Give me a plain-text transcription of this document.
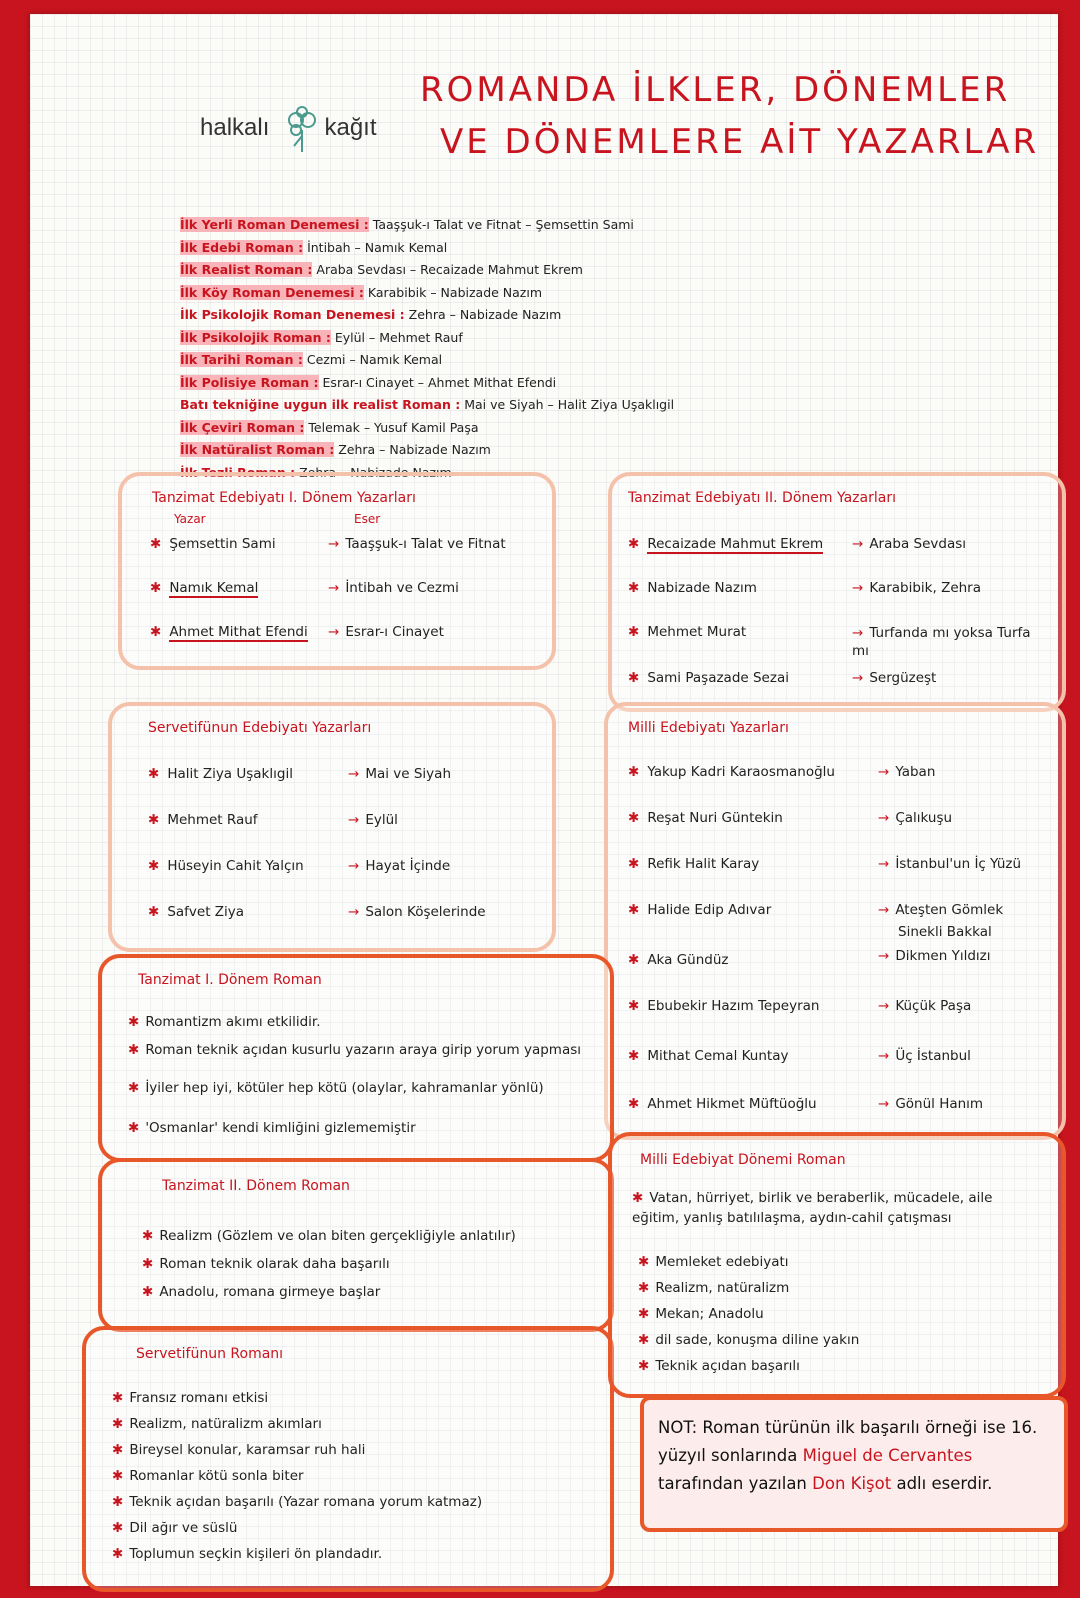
ROMANDA İLKLER, DÖNEMLER
VE DÖNEMLERE AİT YAZARLAR
halkalı kağıt
İlk Yerli Roman Denemesi : Taaşşuk-ı Talat ve Fitnat – Şemsettin Sami
İlk Edebi Roman : İntibah – Namık Kemal
İlk Realist Roman : Araba Sevdası – Recaizade Mahmut Ekrem
İlk Köy Roman Denemesi : Karabibik – Nabizade Nazım
İlk Psikolojik Roman Denemesi : Zehra – Nabizade Nazım
İlk Psikolojik Roman : Eylül – Mehmet Rauf
İlk Tarihi Roman : Cezmi – Namık Kemal
İlk Polisiye Roman : Esrar-ı Cinayet – Ahmet Mithat Efendi
Batı tekniğine uygun ilk realist Roman : Mai ve Siyah – Halit Ziya Uşaklıgil
İlk Çeviri Roman : Telemak – Yusuf Kamil Paşa
İlk Natüralist Roman : Zehra – Nabizade Nazım
İlk Tezli Roman : Zehra – Nabizade Nazım
Tanzimat Edebiyatı I. Dönem Yazarları
Yazar	Eser
✱ Şemsettin Sami	→ Taaşşuk-ı Talat ve Fitnat
✱ Namık Kemal	→ İntibah ve Cezmi
✱ Ahmet Mithat Efendi → Esrar-ı Cinayet
Tanzimat Edebiyatı II. Dönem Yazarları
✱ Recaizade Mahmut Ekrem → Araba Sevdası
✱ Nabizade Nazım	→ Karabibik, Zehra
✱ Mehmet Murat	→ Turfanda mı yoksa Turfa mı
✱ Sami Paşazade Sezai	→ Sergüzeşt
Servetifünun Edebiyatı Yazarları
✱ Halit Ziya Uşaklıgil	→ Mai ve Siyah
✱ Mehmet Rauf	→ Eylül
✱ Hüseyin Cahit Yalçın	→ Hayat İçinde
✱ Safvet Ziya	→ Salon Köşelerinde
Milli Edebiyatı Yazarları
✱ Yakup Kadri Karaosmanoğlu	→ Yaban
✱ Reşat Nuri Güntekin	→ Çalıkuşu
✱ Refik Halit Karay	→ İstanbul'un İç Yüzü
✱ Halide Edip Adıvar	→ Ateşten Gömlek
Sinekli Bakkal
✱ Aka Gündüz	→ Dikmen Yıldızı
✱ Ebubekir Hazım Tepeyran	→ Küçük Paşa
✱ Mithat Cemal Kuntay	→ Üç İstanbul
✱ Ahmet Hikmet Müftüoğlu	→ Gönül Hanım
Tanzimat I. Dönem Roman
✱ Romantizm akımı etkilidir.
✱ Roman teknik açıdan kusurlu yazarın araya girip yorum yapması
✱ İyiler hep iyi, kötüler hep kötü (olaylar, kahramanlar yönlü)
✱ 'Osmanlar' kendi kimliğini gizlememiştir
Tanzimat II. Dönem Roman
✱ Realizm (Gözlem ve olan biten gerçekliğiyle anlatılır)
✱ Roman teknik olarak daha başarılı
✱ Anadolu, romana girmeye başlar
Servetifünun Romanı
✱ Fransız romanı etkisi
✱ Realizm, natüralizm akımları
✱ Bireysel konular, karamsar ruh hali
✱ Romanlar kötü sonla biter
✱ Teknik açıdan başarılı (Yazar romana yorum katmaz)
✱ Dil ağır ve süslü
✱ Toplumun seçkin kişileri ön plandadır.
Milli Edebiyat Dönemi Roman
✱ Vatan, hürriyet, birlik ve beraberlik, mücadele, aile eğitim, yanlış batılılaşma, aydın-cahil çatışması
✱ Memleket edebiyatı
✱ Realizm, natüralizm
✱ Mekan; Anadolu
✱ dil sade, konuşma diline yakın
✱ Teknik açıdan başarılı
NOT: Roman türünün ilk başarılı örneği ise 16. yüzyıl sonlarında Miguel de Cervantes tarafından yazılan Don Kişot adlı eserdir.
